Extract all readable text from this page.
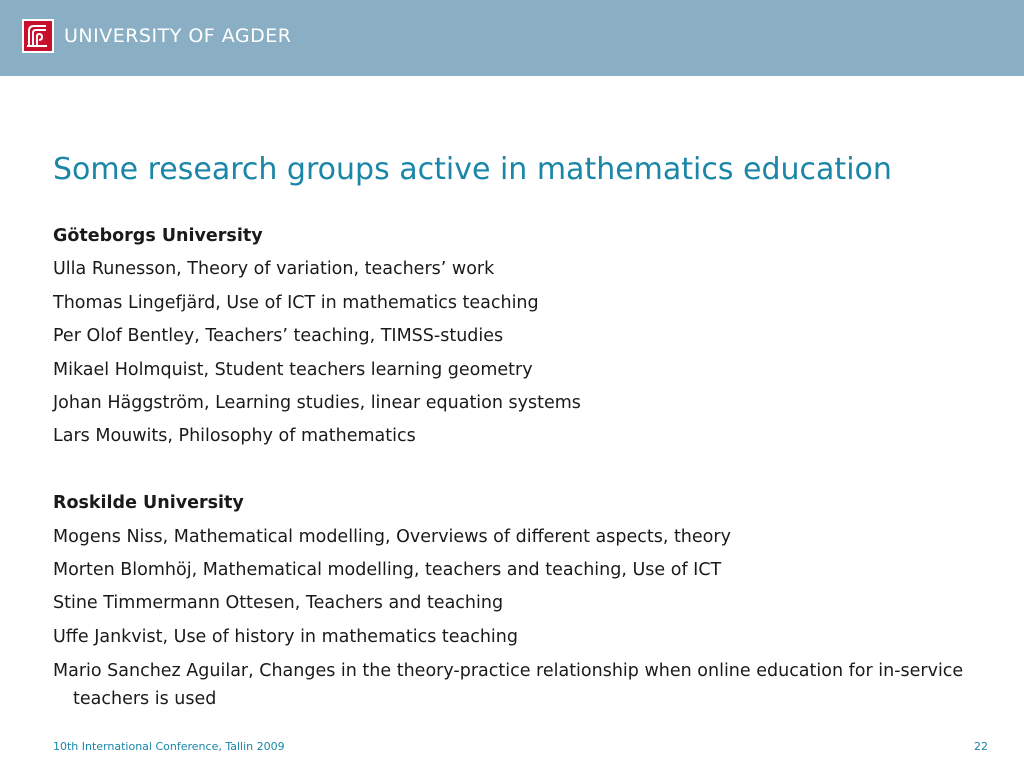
UNIVERSITY OF AGDER
Some research groups active in mathematics education
Göteborgs University
Ulla Runesson, Theory of variation, teachers’ work
Thomas Lingefjärd, Use of ICT in mathematics teaching
Per Olof Bentley, Teachers’ teaching, TIMSS-studies
Mikael Holmquist, Student teachers learning geometry
Johan Häggström, Learning studies, linear equation systems
Lars Mouwits, Philosophy of mathematics
Roskilde University
Mogens Niss, Mathematical modelling, Overviews of different aspects, theory
Morten Blomhöj, Mathematical modelling, teachers and teaching, Use of ICT
Stine Timmermann Ottesen, Teachers and teaching
Uffe Jankvist, Use of history in mathematics teaching
Mario Sanchez Aguilar, Changes in the theory-practice relationship when online education for in-service teachers is used
10th International Conference, Tallin 2009	22
